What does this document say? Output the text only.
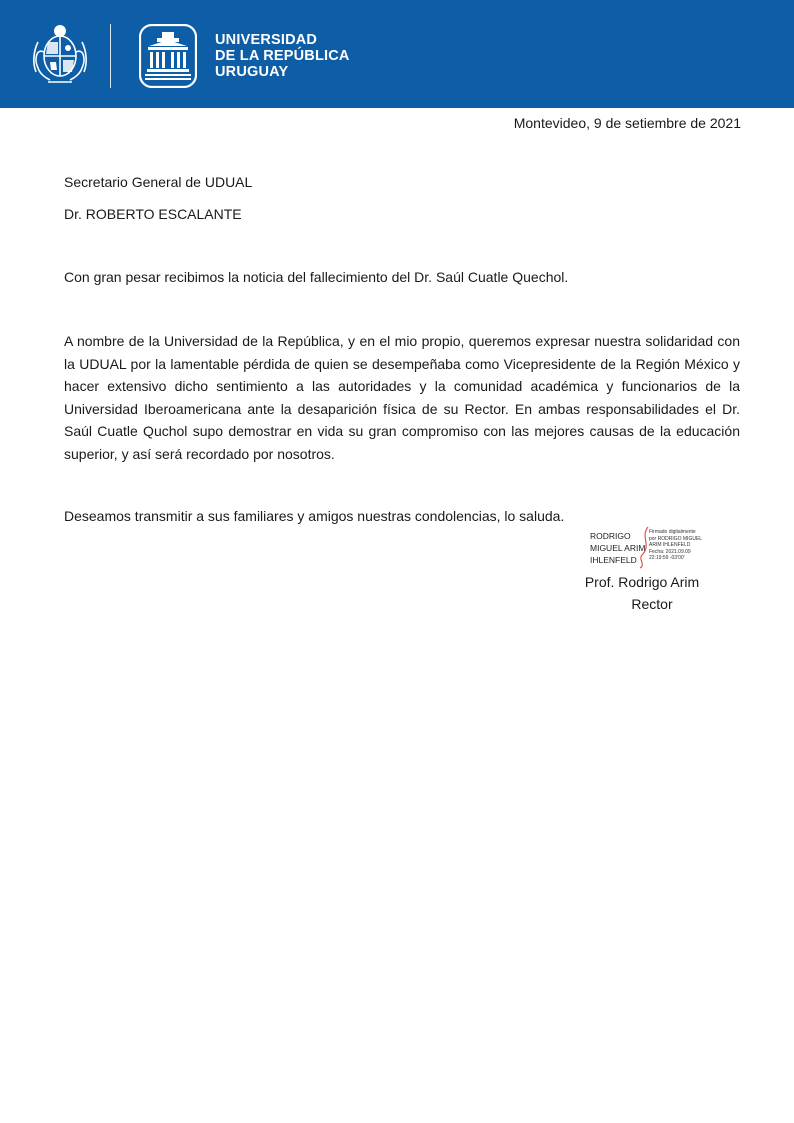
UNIVERSIDAD
DE LA REPÚBLICA
URUGUAY
Montevideo, 9 de setiembre de 2021
Secretario General de UDUAL
Dr. ROBERTO ESCALANTE
Con gran pesar recibimos la noticia del fallecimiento del Dr. Saúl Cuatle Quechol.
A nombre de la Universidad de la República, y en el mio propio, queremos expresar nuestra solidaridad con la UDUAL por la lamentable pérdida de quien se desempeñaba como Vicepresidente de la Región México y hacer extensivo dicho sentimiento a las autoridades y la comunidad académica y funcionarios de la Universidad Iberoamericana ante la desaparición física de su Rector. En ambas responsabilidades el Dr. Saúl Cuatle Quchol supo demostrar en vida su gran compromiso con las mejores causas de la educación superior, y así será recordado por nosotros.
Deseamos transmitir a sus familiares y amigos nuestras condolencias, lo saluda.
RODRIGO
MIGUEL ARIM
IHLENFELD
Firmado digitalmente
por RODRIGO MIGUEL
ARIM IHLENFELD
Fecha: 2021.09.09
22:19:59 -03'00'
Prof. Rodrigo Arim
Rector
